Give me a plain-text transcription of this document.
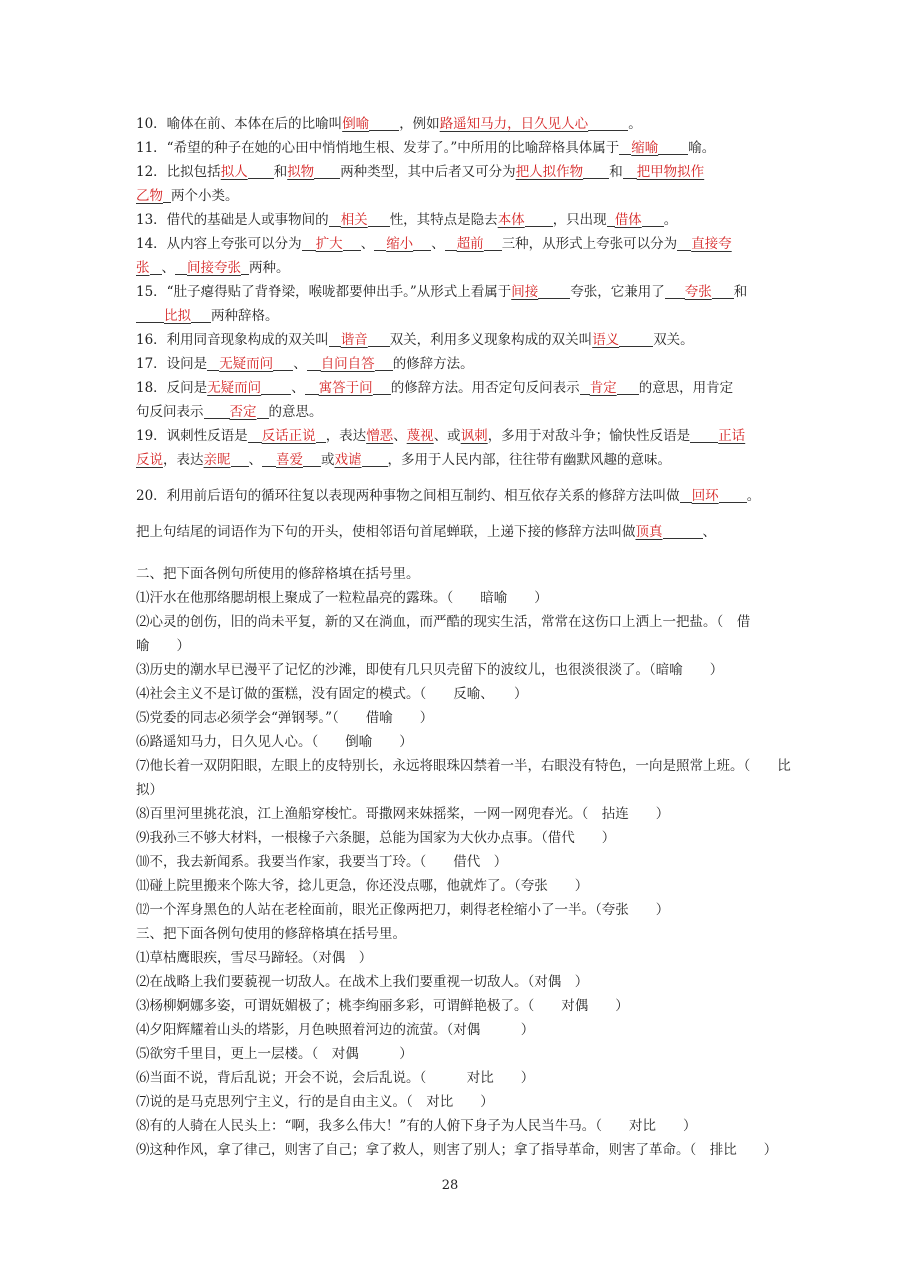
10．喻体在前、本体在后的比喻叫倒喻 ，例如路遥知马力，日久见人心	。
11．“希望的种子在她的心田中悄悄地生根、发芽了。”中所用的比喻辞格具体属于 缩喻 喻。
12．比拟包括拟人 和拟物 两种类型，其中后者又可分为把人拟作物 和 把甲物拟作
乙物 两个小类。
13．借代的基础是人或事物间的 相关 性，其特点是隐去本体 ，只出现 借体 。
14．从内容上夸张可以分为 扩大 、 缩小 、 超前 三种，从形式上夸张可以分为 直接夸
张 、 间接夸张 两种。
15．“肚子瘪得贴了背脊梁，喉咙都要伸出手。”从形式上看属于间接 夸张，它兼用了 夸张 和
比拟 两种辞格。
16．利用同音现象构成的双关叫 谐音 双关，利用多义现象构成的双关叫语义	双关。
17．设问是 无疑而问 、 自问自答 的修辞方法。
18．反问是无疑而问 、 寓答于问 的修辞方法。用否定句反问表示 肯定 的意思，用肯定
句反问表示 否定 的意思。
19．讽刺性反语是 反话正说 ，表达憎恶、蔑视、或讽刺，多用于对敌斗争；愉快性反语是 正话
反说，表达亲昵 、 喜爱 或戏谑 ，多用于人民内部，往往带有幽默风趣的意味。
20．利用前后语句的循环往复以表现两种事物之间相互制约、相互依存关系的修辞方法叫做 回环 。
把上句结尾的词语作为下句的开头，使相邻语句首尾蝉联，上递下接的修辞方法叫做顶真	、
二、把下面各例句所使用的修辞格填在括号里。
⑴汗水在他那络腮胡根上聚成了一粒粒晶亮的露珠。（　　暗喻　　）
⑵心灵的创伤，旧的尚未平复，新的又在淌血，而严酷的现实生活，常常在这伤口上洒上一把盐。（　借
喻　　）
⑶历史的潮水早已漫平了记忆的沙滩，即使有几只贝壳留下的波纹儿，也很淡很淡了。（暗喻　　）
⑷社会主义不是订做的蛋糕，没有固定的模式。（　　反喻、　　）
⑸党委的同志必须学会“弹钢琴。”（　　借喻　　）
⑹路遥知马力，日久见人心。（　　倒喻　　）
⑺他长着一双阴阳眼，左眼上的皮特别长，永远将眼珠囚禁着一半，右眼没有特色，一向是照常上班。（　　比
拟）
⑻百里河里挑花浪，江上渔船穿梭忙。哥撒网来妹摇桨，一网一网兜春光。（　拈连　　）
⑼我孙三不够大材料，一根椽子六条腿，总能为国家为大伙办点事。（借代　　）
⑽不，我去新闻系。我要当作家，我要当丁玲。（　　借代　）
⑾碰上院里搬来个陈大爷，捻儿更急，你还没点哪，他就炸了。（夸张　　）
⑿一个浑身黑色的人站在老栓面前，眼光正像两把刀，刺得老栓缩小了一半。（夸张　　）
三、把下面各例句使用的修辞格填在括号里。
⑴草枯鹰眼疾，雪尽马蹄轻。（对偶　）
⑵在战略上我们要藐视一切敌人。在战术上我们要重视一切敌人。（对偶　）
⑶杨柳婀娜多姿，可谓妩媚极了；桃李绚丽多彩，可谓鲜艳极了。（　　对偶　　）
⑷夕阳辉耀着山头的塔影，月色映照着河边的流萤。（对偶　　　）
⑸欲穷千里目，更上一层楼。（　对偶　　　）
⑹当面不说，背后乱说；开会不说，会后乱说。（　　　对比　　）
⑺说的是马克思列宁主义，行的是自由主义。（　对比　　）
⑻有的人骑在人民头上：“啊，我多么伟大！”有的人俯下身子为人民当牛马。（　　对比　　）
⑼这种作风，拿了律己，则害了自己；拿了救人，则害了别人；拿了指导革命，则害了革命。（　排比　　）
28
